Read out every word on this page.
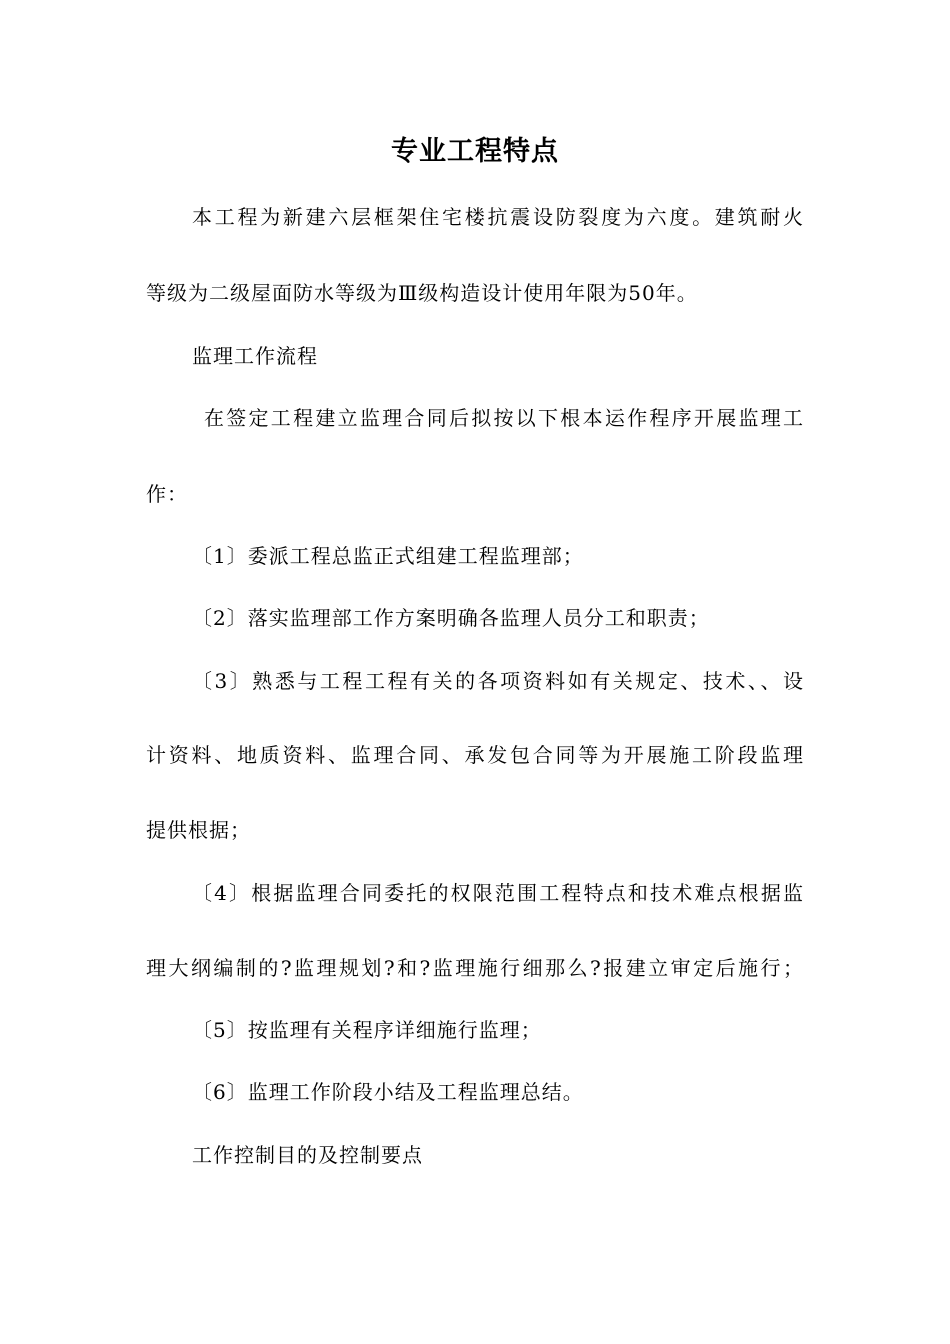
专业工程特点
本工程为新建六层框架住宅楼抗震设防裂度为六度。建筑耐火
等级为二级屋面防水等级为Ⅲ级构造设计使用年限为50年。
监理工作流程
在签定工程建立监理合同后拟按以下根本运作程序开展监理工
作：
〔1〕委派工程总监正式组建工程监理部；
〔2〕落实监理部工作方案明确各监理人员分工和职责；
〔3〕熟悉与工程工程有关的各项资料如有关规定、技术、、设
计资料、地质资料、监理合同、承发包合同等为开展施工阶段监理
提供根据；
〔4〕根据监理合同委托的权限范围工程特点和技术难点根据监
理大纲编制的?监理规划?和?监理施行细那么?报建立审定后施行；
〔5〕按监理有关程序详细施行监理；
〔6〕监理工作阶段小结及工程监理总结。
工作控制目的及控制要点
